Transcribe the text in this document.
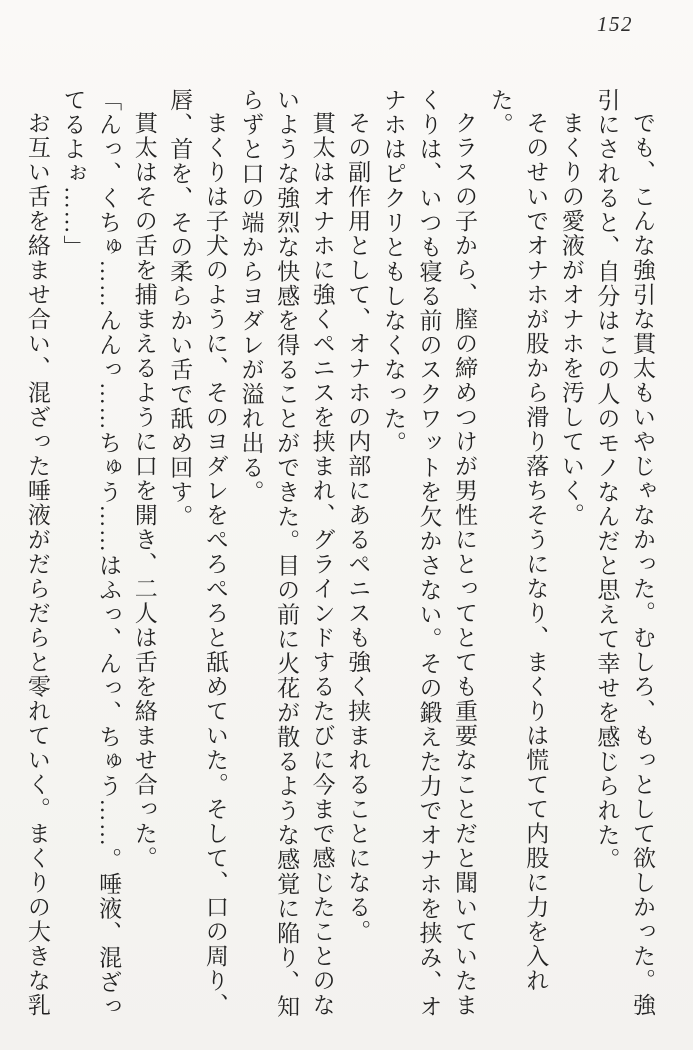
152

でも、こんな強引な貫太もいやじゃなかった。むしろ、もっとして欲しかった。強引にされると、自分はこの人のモノなんだと思えて幸せを感じられた。

まくりの愛液がオナホを汚していく。

そのせいでオナホが股から滑り落ちそうになり、まくりは慌てて内股に力を入れた。

クラスの子から、膣の締めつけが男性にとってとても重要なことだと聞いていたまくりは、いつも寝る前のスクワットを欠かさない。その鍛えた力でオナホを挟み、オナホはピクリともしなくなった。

その副作用として、オナホの内部にあるペニスも強く挟まれることになる。

貫太はオナホに強くペニスを挟まれ、グラインドするたびに今まで感じたことのないような強烈な快感を得ることができた。目の前に火花が散るような感覚に陥り、知らずと口の端からヨダレが溢れ出る。

まくりは子犬のように、そのヨダレをぺろぺろと舐めていた。そして、口の周り、唇、首を、その柔らかい舌で舐め回す。

貫太はその舌を捕まえるように口を開き、二人は舌を絡ませ合った。

「んっ、くちゅ……んんっ……ちゅう……はふっ、んっ、ちゅう……。唾液、混ざってるよぉ……」

お互い舌を絡ませ合い、混ざった唾液がだらだらと零れていく。まくりの大きな乳
